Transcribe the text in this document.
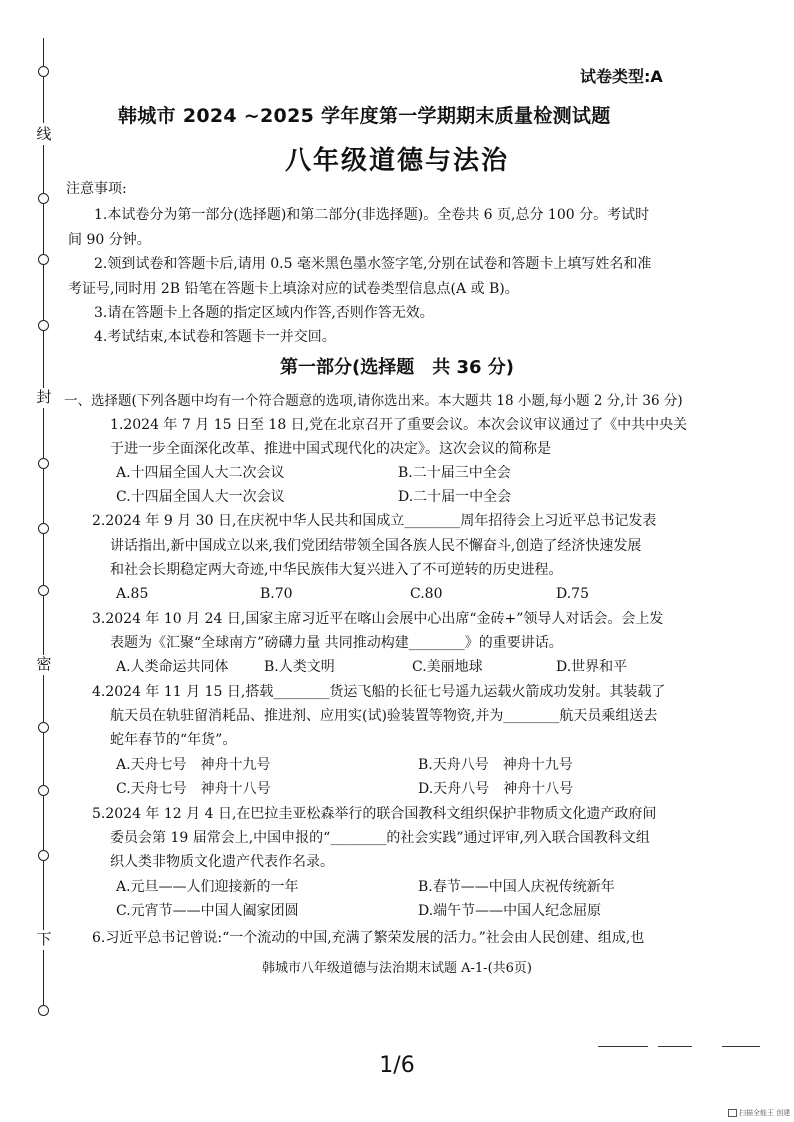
线
封
密
下
试卷类型:A
韩城市 2024 ~2025 学年度第一学期期末质量检测试题
八年级道德与法治
注意事项:
1.本试卷分为第一部分(选择题)和第二部分(非选择题)。全卷共 6 页,总分 100 分。考试时
间 90 分钟。
2.领到试卷和答题卡后,请用 0.5 毫米黑色墨水签字笔,分别在试卷和答题卡上填写姓名和准
考证号,同时用 2B 铅笔在答题卡上填涂对应的试卷类型信息点(A 或 B)。
3.请在答题卡上各题的指定区域内作答,否则作答无效。
4.考试结束,本试卷和答题卡一并交回。
第一部分(选择题　共 36 分)
一、选择题(下列各题中均有一个符合题意的选项,请你选出来。本大题共 18 小题,每小题 2 分,计 36 分)
1.2024 年 7 月 15 日至 18 日,党在北京召开了重要会议。本次会议审议通过了《中共中央关
于进一步全面深化改革、推进中国式现代化的决定》。这次会议的简称是
A.十四届全国人大二次会议	B.二十届三中全会
C.十四届全国人大一次会议	D.二十届一中全会
2.2024 年 9 月 30 日,在庆祝中华人民共和国成立________周年招待会上习近平总书记发表
讲话指出,新中国成立以来,我们党团结带领全国各族人民不懈奋斗,创造了经济快速发展
和社会长期稳定两大奇迹,中华民族伟大复兴进入了不可逆转的历史进程。
A.85	B.70	C.80	D.75
3.2024 年 10 月 24 日,国家主席习近平在喀山会展中心出席“金砖+”领导人对话会。会上发
表题为《汇聚“全球南方”磅礴力量 共同推动构建________》的重要讲话。
A.人类命运共同体	B.人类文明	C.美丽地球	D.世界和平
4.2024 年 11 月 15 日,搭载________货运飞船的长征七号遥九运载火箭成功发射。其装载了
航天员在轨驻留消耗品、推进剂、应用实(试)验装置等物资,并为________航天员乘组送去
蛇年春节的“年货”。
A.天舟七号　神舟十九号	B.天舟八号　神舟十九号
C.天舟七号　神舟十八号	D.天舟八号　神舟十八号
5.2024 年 12 月 4 日,在巴拉圭亚松森举行的联合国教科文组织保护非物质文化遗产政府间
委员会第 19 届常会上,中国申报的“________的社会实践”通过评审,列入联合国教科文组
织人类非物质文化遗产代表作名录。
A.元旦——人们迎接新的一年	B.春节——中国人庆祝传统新年
C.元宵节——中国人阖家团圆	D.端午节——中国人纪念屈原
6.习近平总书记曾说:“一个流动的中国,充满了繁荣发展的活力。”社会由人民创建、组成,也
韩城市八年级道德与法治期末试题 A-1-(共6页)
1/6
扫描全能王 创建
